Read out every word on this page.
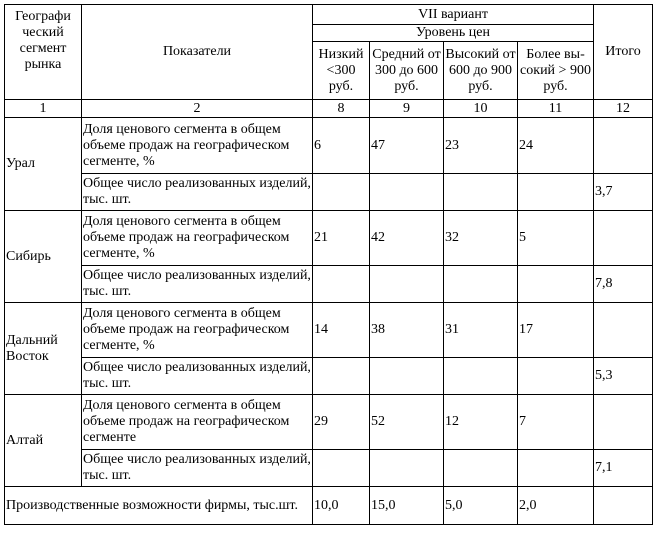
Географи ческий сегмент рынка	Показатели	VII вариант				Итого
		Уровень цен				
		Низкий <300 руб.	Средний от 300 до 600 руб.	Высокий от 600 до 900 руб.	Более вы-сокий > 900 руб.	
1	2	8	9	10	11	12
Урал	Доля ценового сегмента в общем объеме продаж на географическом сегменте, %	6	47	23	24	
	Общее число реализованных изделий, тыс. шт.					3,7
Сибирь	Доля ценового сегмента в общем объеме продаж на географическом сегменте, %	21	42	32	5	
	Общее число реализованных изделий, тыс. шт.					7,8
Дальний Восток	Доля ценового сегмента в общем объеме продаж на географическом сегменте, %	14	38	31	17	
	Общее число реализованных изделий, тыс. шт.					5,3
Алтай	Доля ценового сегмента в общем объеме продаж на географическом сегменте	29	52	12	7	
	Общее число реализованных изделий, тыс. шт.					7,1
Производственные возможности фирмы, тыс.шт.		10,0	15,0	5,0	2,0	
